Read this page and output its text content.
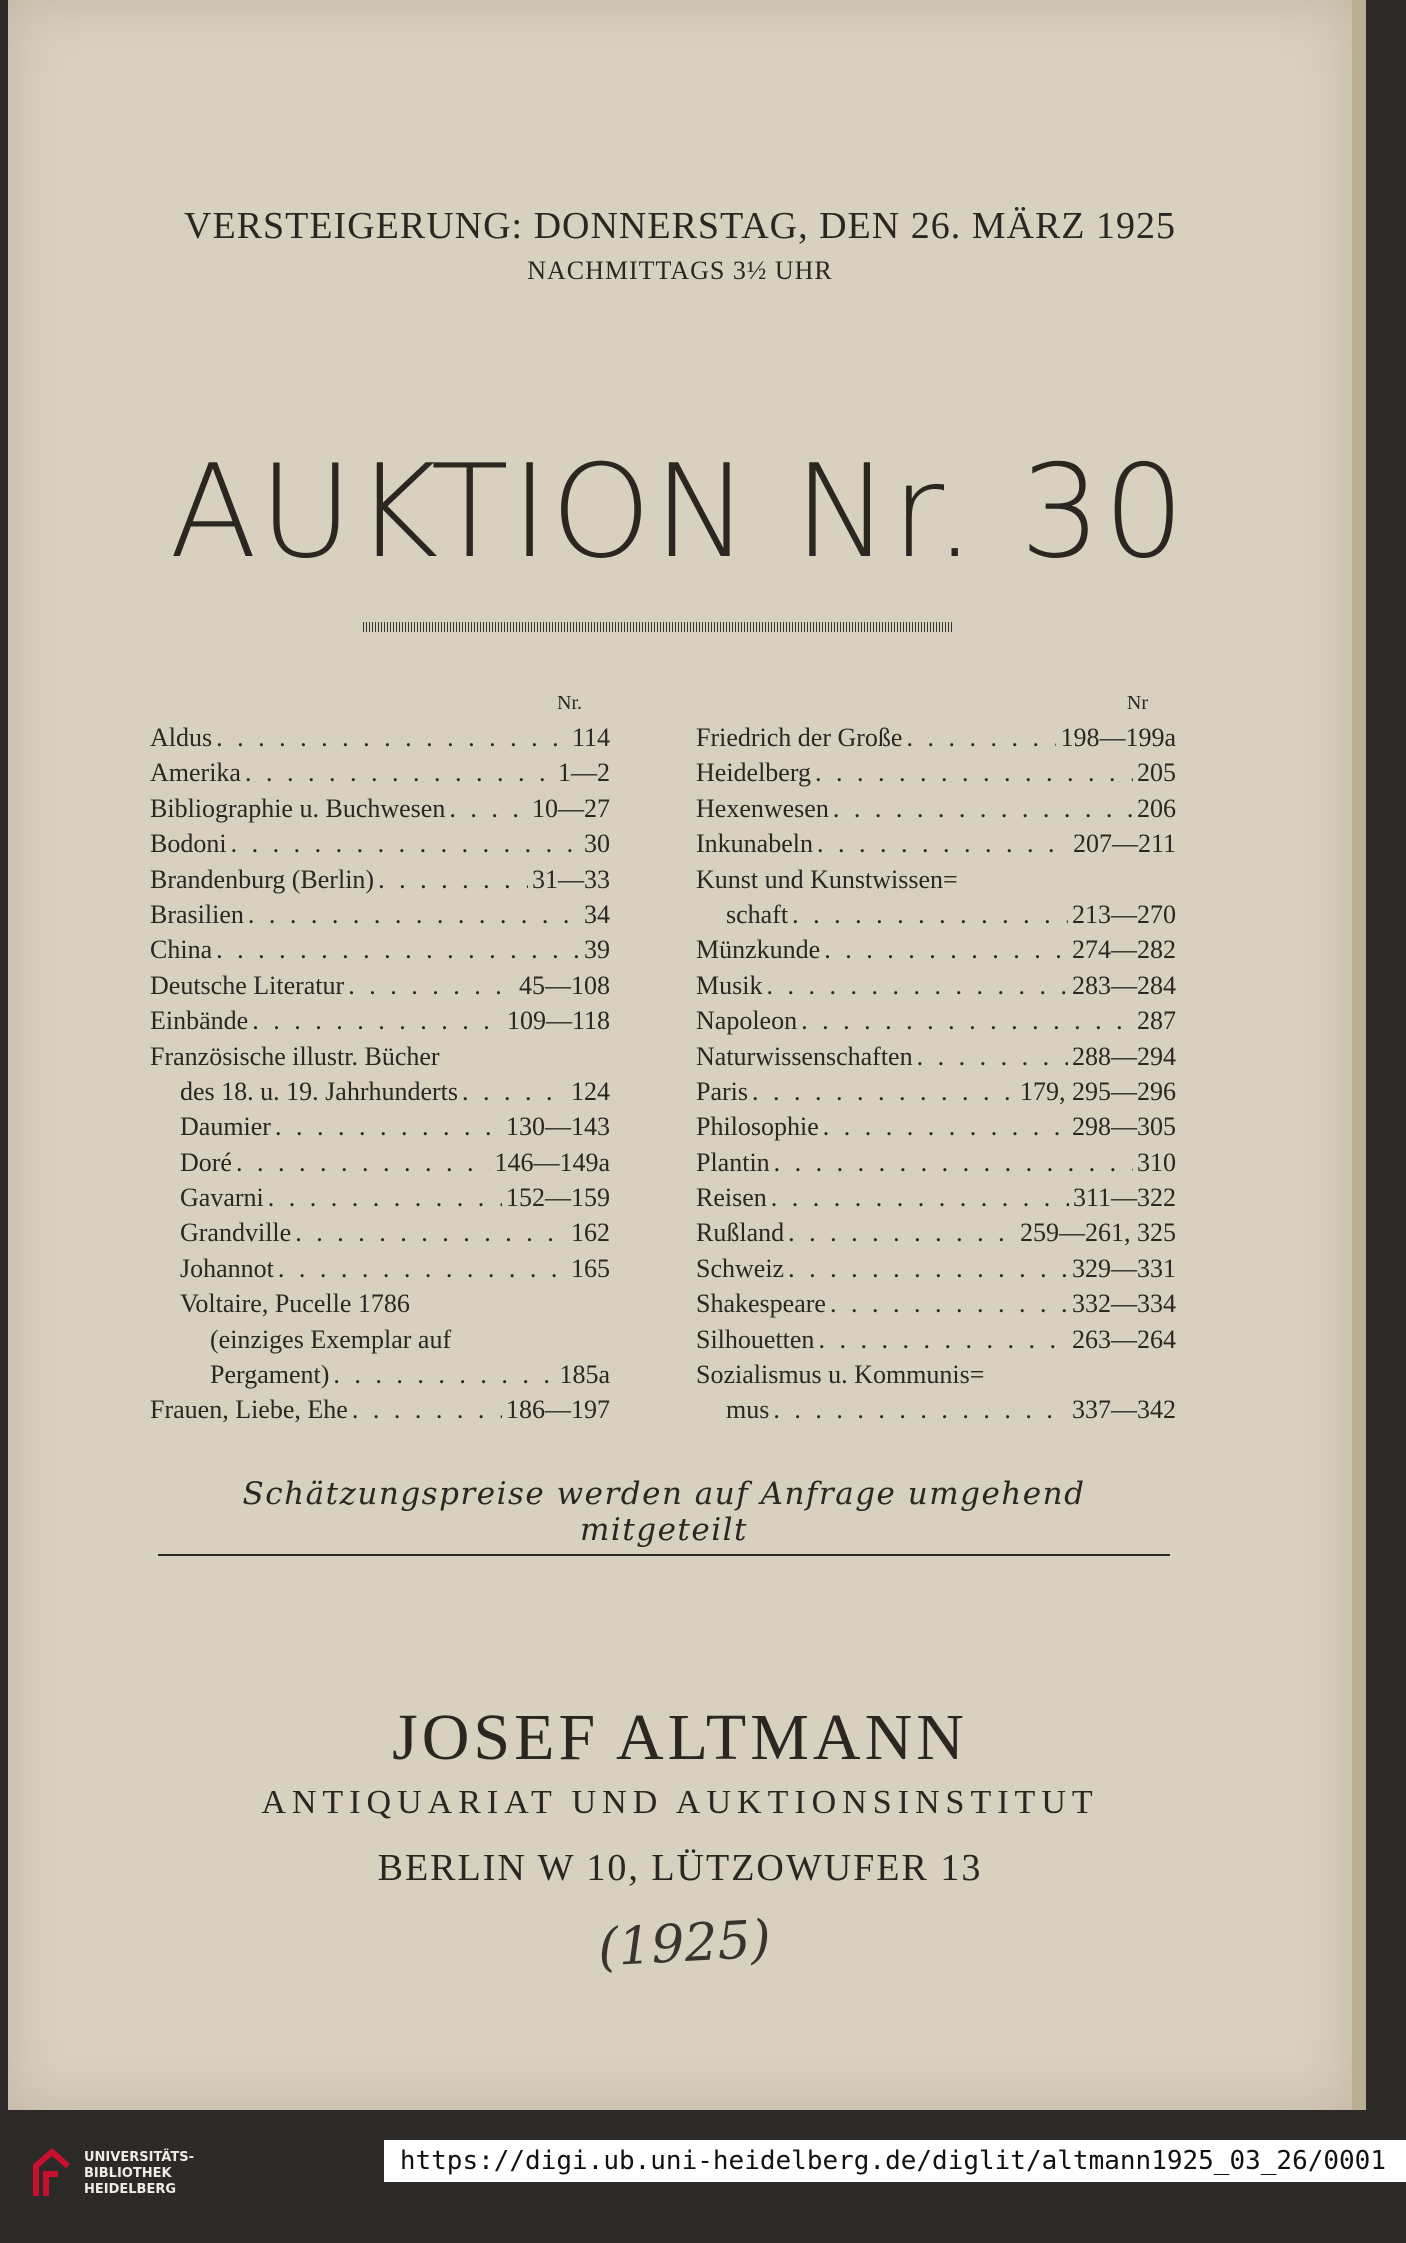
VERSTEIGERUNG: DONNERSTAG, DEN 26. MÄRZ 1925
NACHMITTAGS 3½ UHR
AUKTION Nr. 30
Nr.
Aldus . . .	114
Amerika . . .	1—2
Bibliographie u. Buchwesen . . .	10—27
Bodoni . . .	30
Brandenburg (Berlin) . . .	31—33
Brasilien . . .	34
China . . .	39
Deutsche Literatur . . .	45—108
Einbände . . .	109—118
Französische illustr. Bücher
des 18. u. 19. Jahrhunderts . . .	124
Daumier . . .	130—143
Doré . . .	146—149a
Gavarni . . .	152—159
Grandville . . .	162
Johannot . . .	165
Voltaire, Pucelle 1786
(einziges Exemplar auf
Pergament) . . .	185a
Frauen, Liebe, Ehe . . .	186—197
Nr
Friedrich der Große . . .	198—199a
Heidelberg . . .	205
Hexenwesen . . .	206
Inkunabeln . . .	207—211
Kunst und Kunstwissen=
schaft . . .	213—270
Münzkunde . . .	274—282
Musik . . .	283—284
Napoleon . . .	287
Naturwissenschaften . . .	288—294
Paris . . .	179, 295—296
Philosophie . . .	298—305
Plantin . . .	310
Reisen . . .	311—322
Rußland . . .	259—261, 325
Schweiz . . .	329—331
Shakespeare . . .	332—334
Silhouetten . . .	263—264
Sozialismus u. Kommunis=
mus . . .	337—342
Schätzungspreise werden auf Anfrage umgehend mitgeteilt
JOSEF ALTMANN
ANTIQUARIAT UND AUKTIONSINSTITUT
BERLIN W 10, LÜTZOWUFER 13
(1925)
UNIVERSITÄTS-
BIBLIOTHEK
HEIDELBERG
https://digi.ub.uni-heidelberg.de/diglit/altmann1925_03_26/0001
